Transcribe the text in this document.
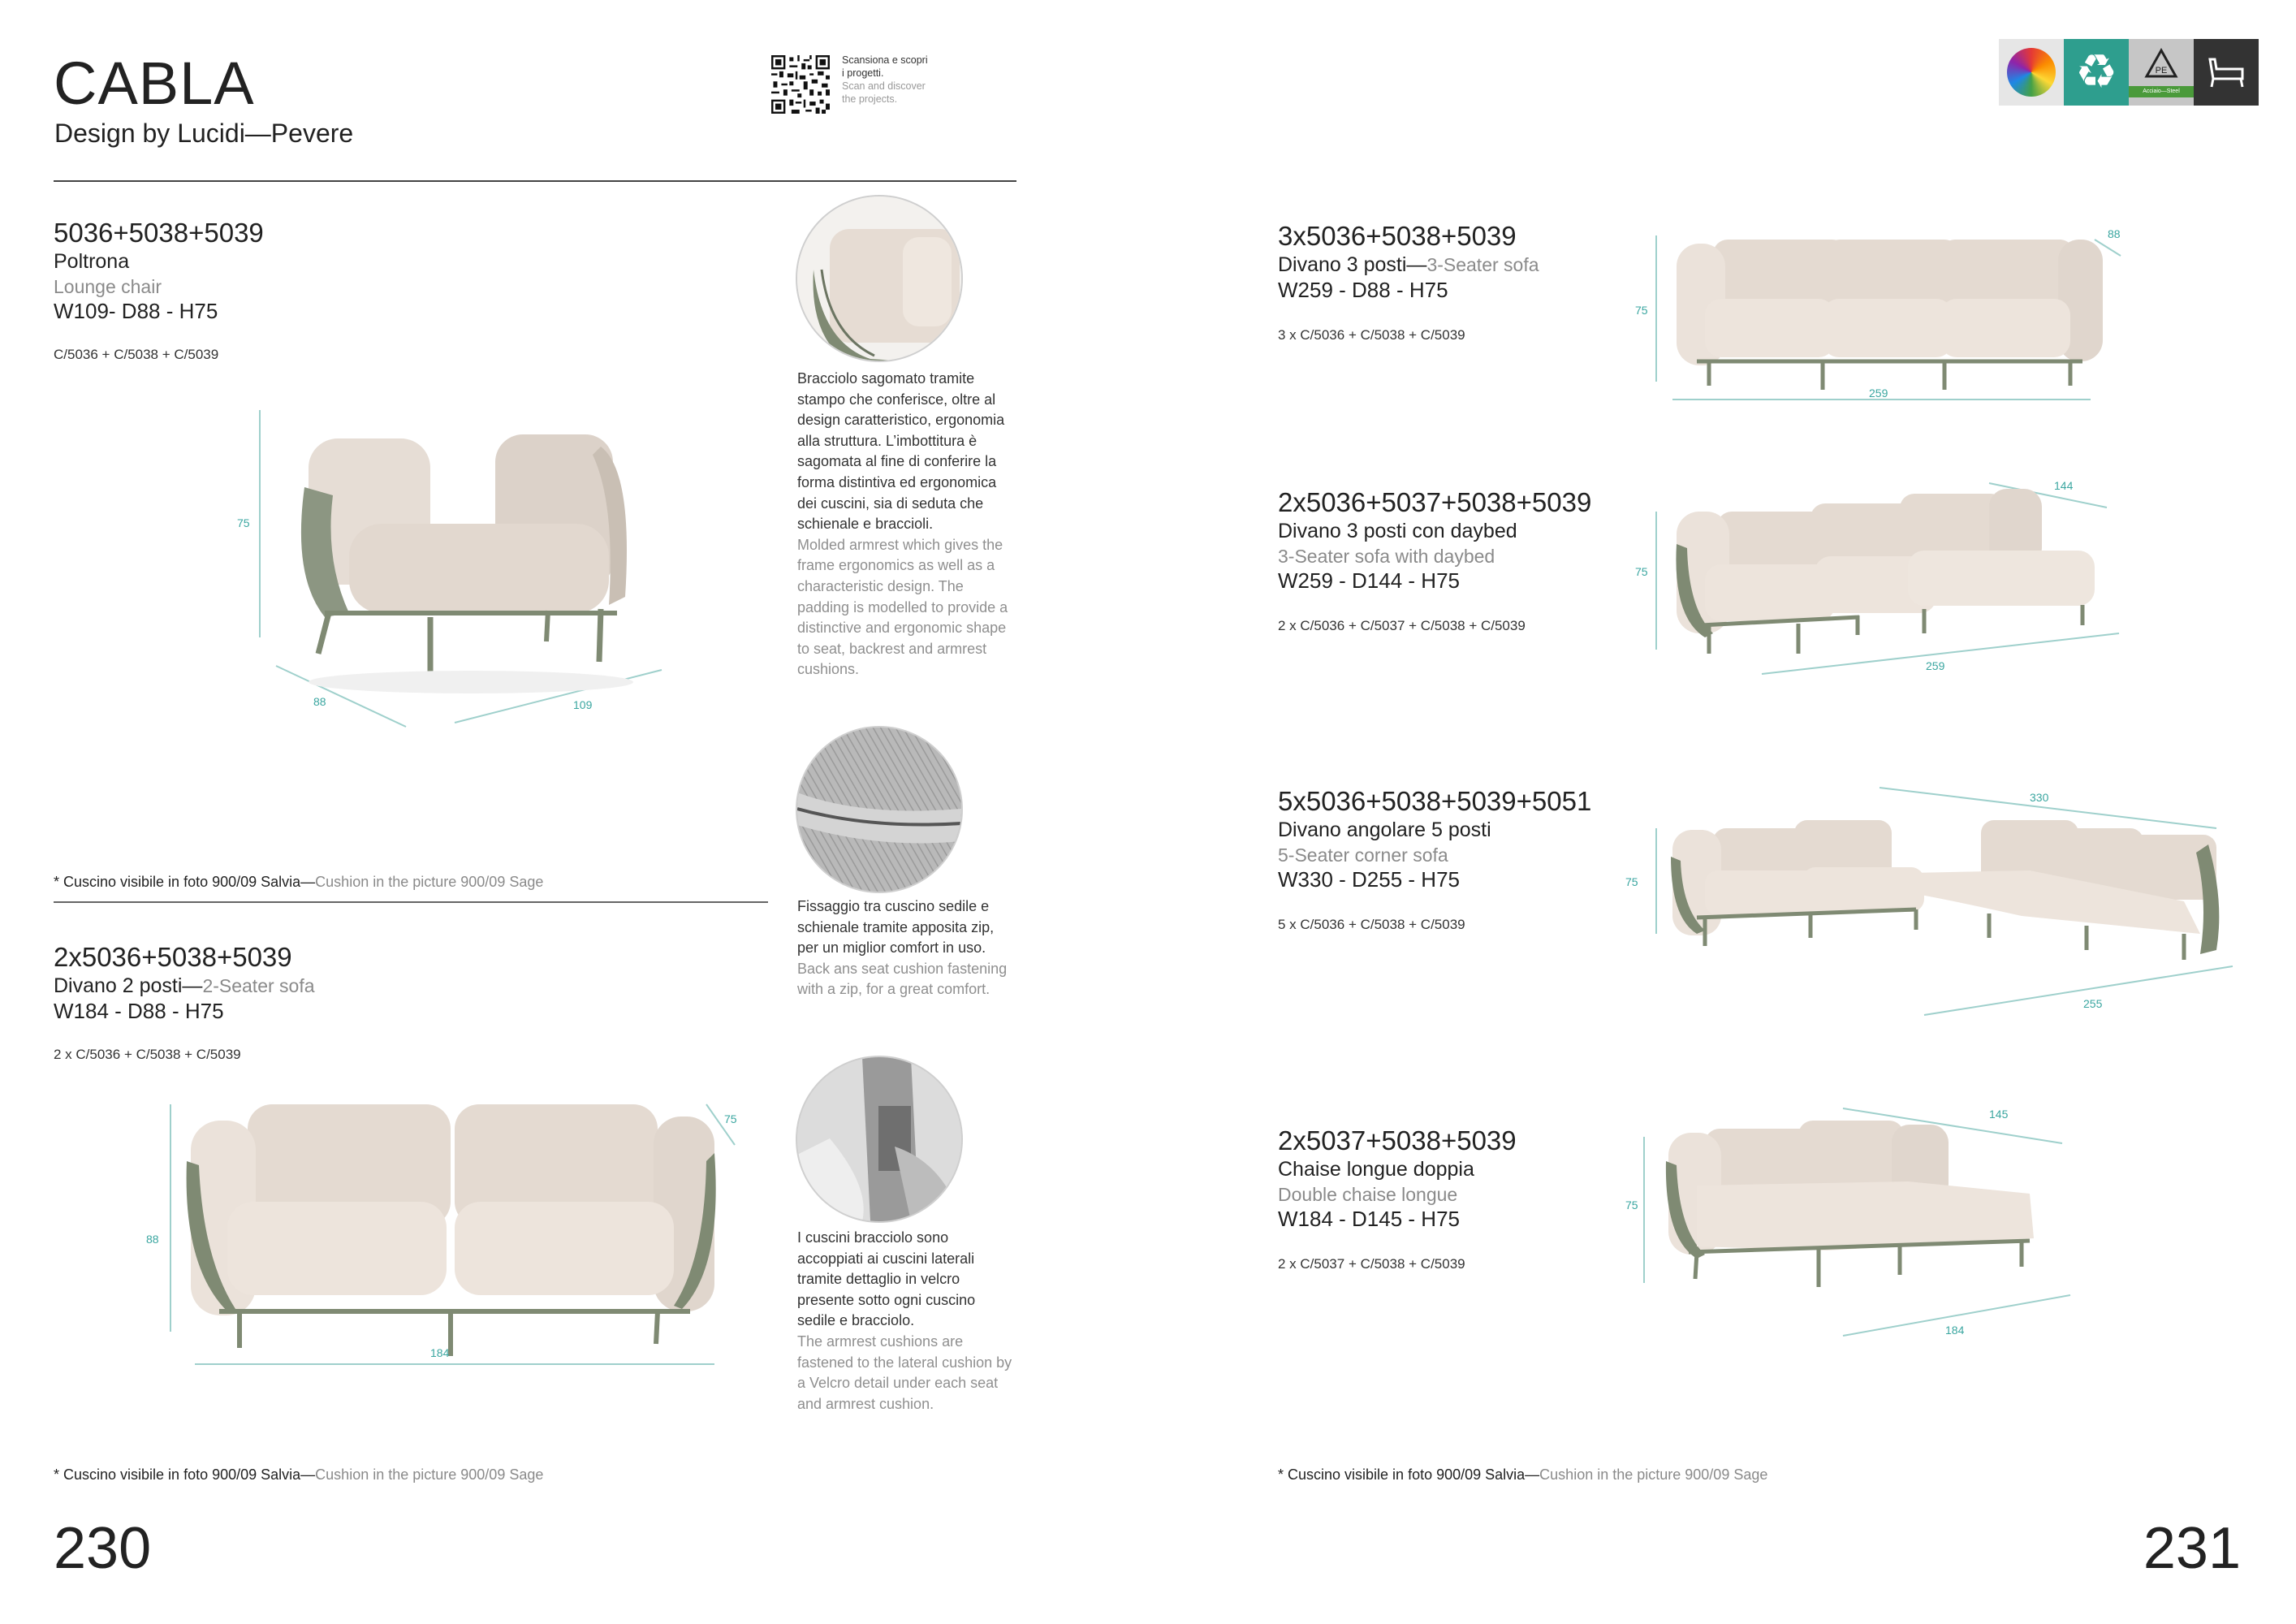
CABLA
Design by Lucidi—Pevere
Scansiona e scopri
i progetti.
Scan and discover
the projects.
5036+5038+5039
Poltrona
Lounge chair
W109- D88 - H75
C/5036 + C/5038 + C/5039
75
88	109
* Cuscino visibile in foto 900/09 Salvia—Cushion in the picture 900/09 Sage
2x5036+5038+5039
Divano 2 posti—2-Seater sofa
W184 - D88 - H75
2 x C/5036 + C/5038 + C/5039
88
75
184
* Cuscino visibile in foto 900/09 Salvia—Cushion in the picture 900/09 Sage
230
Bracciolo sagomato tramite stampo che conferisce, oltre al design caratteristico, ergonomia alla struttura. L’imbottitura è sagomata al fine di conferire la forma distintiva ed ergonomica dei cuscini, sia di seduta che schienale e braccioli.
Molded armrest which gives the frame ergonomics as well as a characteristic design. The padding is modelled to provide a distinctive and ergonomic shape to seat, backrest and armrest cushions.
Fissaggio tra cuscino sedile e schienale tramite apposita zip, per un miglior comfort in uso.
Back ans seat cushion fastening with a zip, for a great comfort.
I cuscini bracciolo sono accoppiati ai cuscini laterali tramite dettaglio in velcro presente sotto ogni cuscino sedile e bracciolo.
The armrest cushions are fastened to the lateral cushion by a Velcro detail under each seat and armrest cushion.
♻	PE
Acciaio—Steel
3x5036+5038+5039
Divano 3 posti—3-Seater sofa
W259 - D88 - H75
3 x C/5036 + C/5038 + C/5039
75
88
259
2x5036+5037+5038+5039
Divano 3 posti con daybed
3-Seater sofa with daybed
W259 - D144 - H75
2 x C/5036 + C/5037 + C/5038 + C/5039
75
144
259
5x5036+5038+5039+5051
Divano angolare 5 posti
5-Seater corner sofa
W330 - D255 - H75
5 x C/5036 + C/5038 + C/5039
75
330
255
2x5037+5038+5039
Chaise longue doppia
Double chaise longue
W184 - D145 - H75
2 x C/5037 + C/5038 + C/5039
75
145
184
* Cuscino visibile in foto 900/09 Salvia—Cushion in the picture 900/09 Sage
231
